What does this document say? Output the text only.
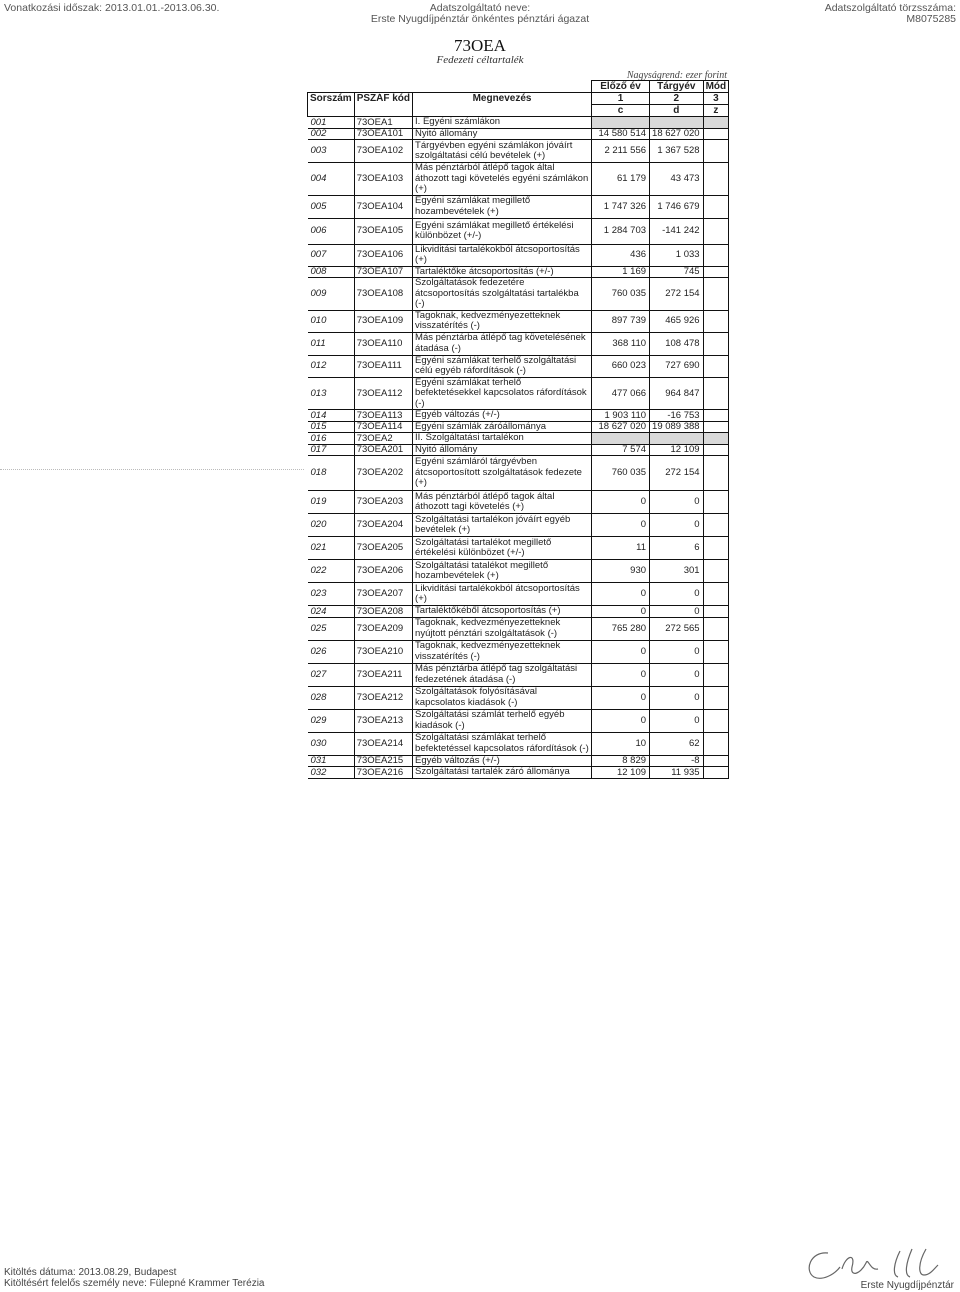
Vonatkozási időszak: 2013.01.01.-2013.06.30.	Adatszolgáltató neve:
Erste Nyugdíjpénztár önkéntes pénztári ágazat
Adatszolgáltató törzsszáma:
M8075285
73OEA
Fedezeti céltartalék
Nagyságrend: ezer forint
			Előző év	Tárgyév	Mód
Sorszám	PSZÁF kód	Megnevezés	1	2	3
			c	d	z
001	73OEA1	I. Egyéni számlákon			
002	73OEA101	Nyitó állomány	14 580 514	18 627 020	
003	73OEA102	Tárgyévben egyéni számlákon jóváírt szolgáltatási célú bevételek (+)	2 211 556	1 367 528	
004	73OEA103	Más pénztárból átlépő tagok által áthozott tagi követelés egyéni számlákon (+)	61 179	43 473	
005	73OEA104	Egyéni számlákat megillető hozambevételek (+)	1 747 326	1 746 679	
006	73OEA105	Egyéni számlákat megillető értékelési különbözet (+/-)	1 284 703	-141 242	
007	73OEA106	Likviditási tartalékokból átcsoportosítás (+)	436	1 033	
008	73OEA107	Tartaléktőke átcsoportosítás (+/-)	1 169	745	
009	73OEA108	Szolgáltatások fedezetére átcsoportosítás szolgáltatási tartalékba (-)	760 035	272 154	
010	73OEA109	Tagoknak, kedvezményezetteknek visszatérítés (-)	897 739	465 926	
011	73OEA110	Más pénztárba átlépő tag követelésének átadása (-)	368 110	108 478	
012	73OEA111	Egyéni számlákat terhelő szolgáltatási célú egyéb ráfordítások (-)	660 023	727 690	
013	73OEA112	Egyéni számlákat terhelő befektetésekkel kapcsolatos ráfordítások (-)	477 066	964 847	
014	73OEA113	Egyéb változás (+/-)	1 903 110	-16 753	
015	73OEA114	Egyéni számlák záróállománya	18 627 020	19 089 388	
016	73OEA2	II. Szolgáltatási tartalékon			
017	73OEA201	Nyitó állomány	7 574	12 109	
018	73OEA202	Egyéni számláról tárgyévben átcsoportosított szolgáltatások fedezete (+)	760 035	272 154	
019	73OEA203	Más pénztárból átlépő tagok által áthozott tagi követelés (+)	0	0	
020	73OEA204	Szolgáltatási tartalékon jóváírt egyéb bevételek (+)	0	0	
021	73OEA205	Szolgáltatási tartalékot megillető értékelési különbözet (+/-)	11	6	
022	73OEA206	Szolgáltatási tatalékot megillető hozambevételek (+)	930	301	
023	73OEA207	Likviditási tartalékokból átcsoportosítás (+)	0	0	
024	73OEA208	Tartaléktőkéből átcsoportosítás (+)	0	0	
025	73OEA209	Tagoknak, kedvezményezetteknek nyújtott pénztári szolgáltatások (-)	765 280	272 565	
026	73OEA210	Tagoknak, kedvezményezetteknek visszatérítés (-)	0	0	
027	73OEA211	Más pénztárba átlépő tag szolgáltatási fedezetének átadása (-)	0	0	
028	73OEA212	Szolgáltatások folyósításával kapcsolatos kiadások (-)	0	0	
029	73OEA213	Szolgáltatási számlát terhelő egyéb kiadások (-)	0	0	
030	73OEA214	Szolgáltatási számlákat terhelő befektetéssel kapcsolatos ráfordítások (-)	10	62	
031	73OEA215	Egyéb változás (+/-)	8 829	-8	
032	73OEA216	Szolgáltatási tartalék záró állománya	12 109	11 935	
Kitöltés dátuma: 2013.08.29, Budapest
Kitöltésért felelős személy neve: Fülepné Krammer Terézia	Erste Nyugdíjpénztár
